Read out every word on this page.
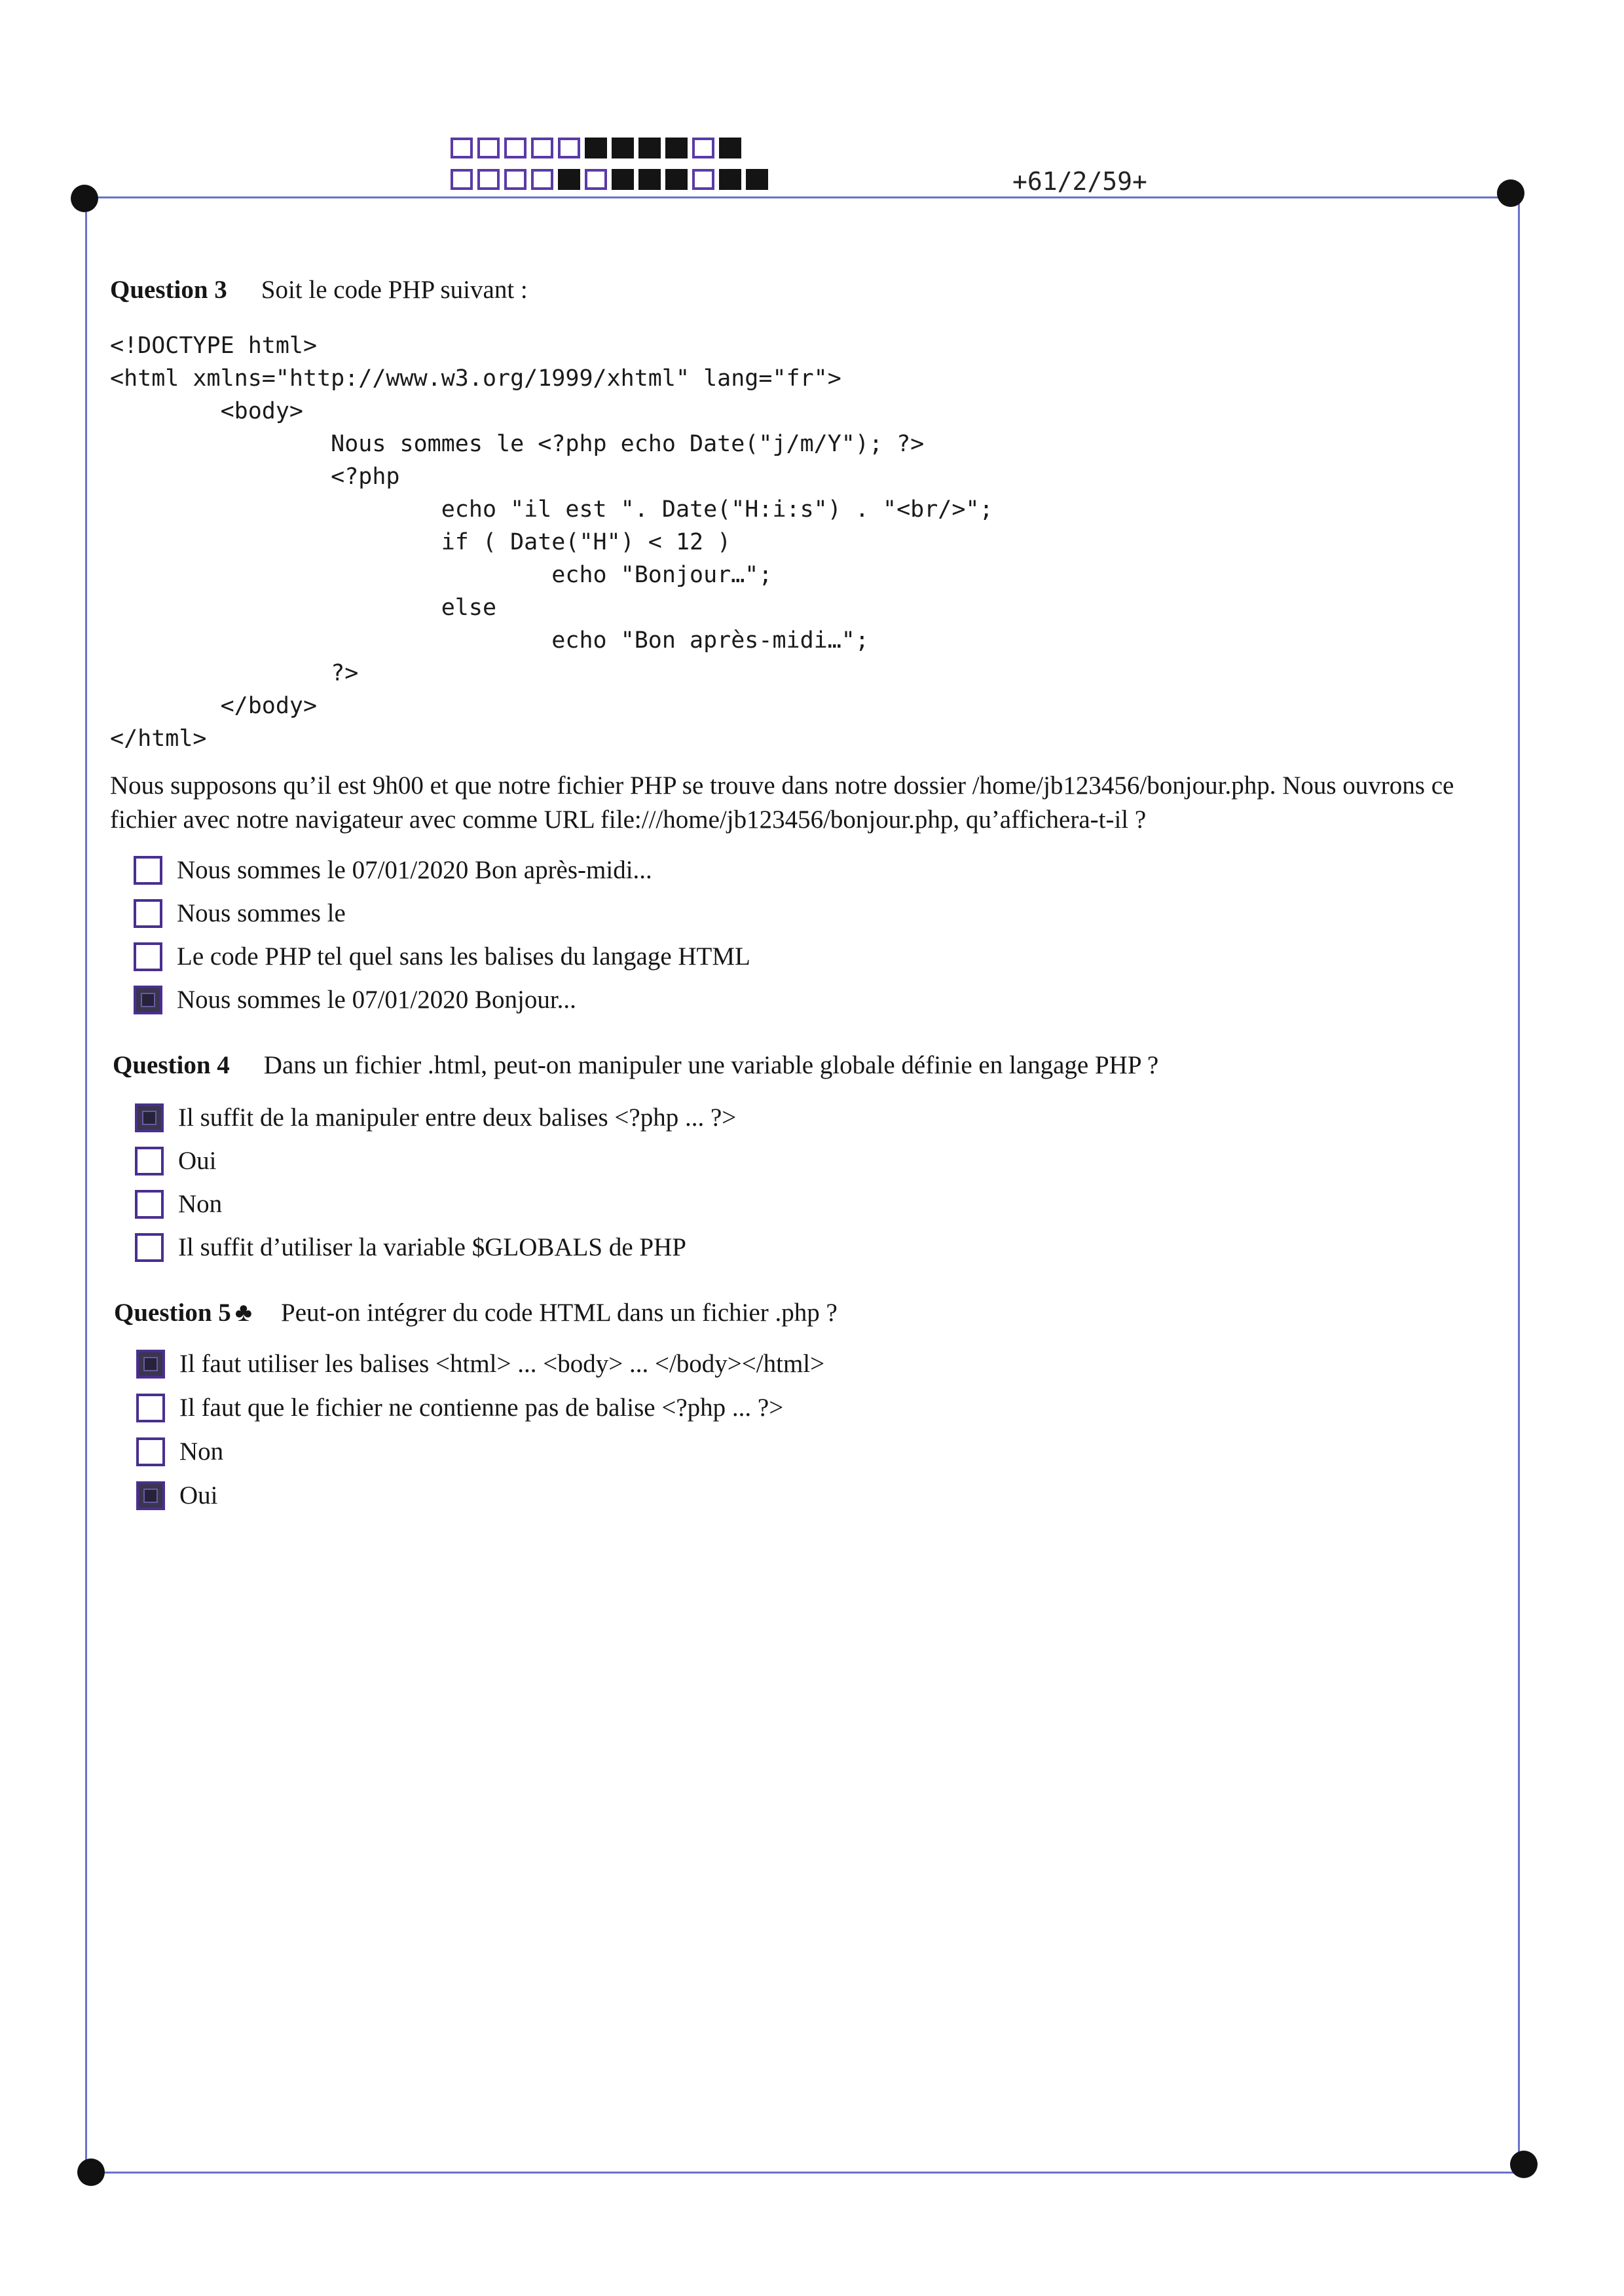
+61/2/59+
Question 3 Soit le code PHP suivant :
<!DOCTYPE html>
<html xmlns="http://www.w3.org/1999/xhtml" lang="fr">
<body>
Nous sommes le <?php echo Date("j/m/Y"); ?>
<?php
echo "il est ". Date("H:i:s") . "<br/>";
if ( Date("H") < 12 )
echo "Bonjour…";
else
echo "Bon après-midi…";
?>
</body>
</html>
Nous supposons qu’il est 9h00 et que notre fichier PHP se trouve dans notre dossier /home/jb123456/bonjour.php. Nous ouvrons ce fichier avec notre navigateur avec comme URL file:///home/jb123456/bonjour.php, qu’affichera-t-il ?
Nous sommes le 07/01/2020 Bon après-midi...
Nous sommes le
Le code PHP tel quel sans les balises du langage HTML
Nous sommes le 07/01/2020 Bonjour...
Question 4 Dans un fichier .html, peut-on manipuler une variable globale définie en langage PHP ?
Il suffit de la manipuler entre deux balises <?php ... ?>
Oui
Non
Il suffit d’utiliser la variable $GLOBALS de PHP
Question 5 ♣ Peut-on intégrer du code HTML dans un fichier .php ?
Il faut utiliser les balises <html> ... <body> ... </body></html>
Il faut que le fichier ne contienne pas de balise <?php ... ?>
Non
Oui
